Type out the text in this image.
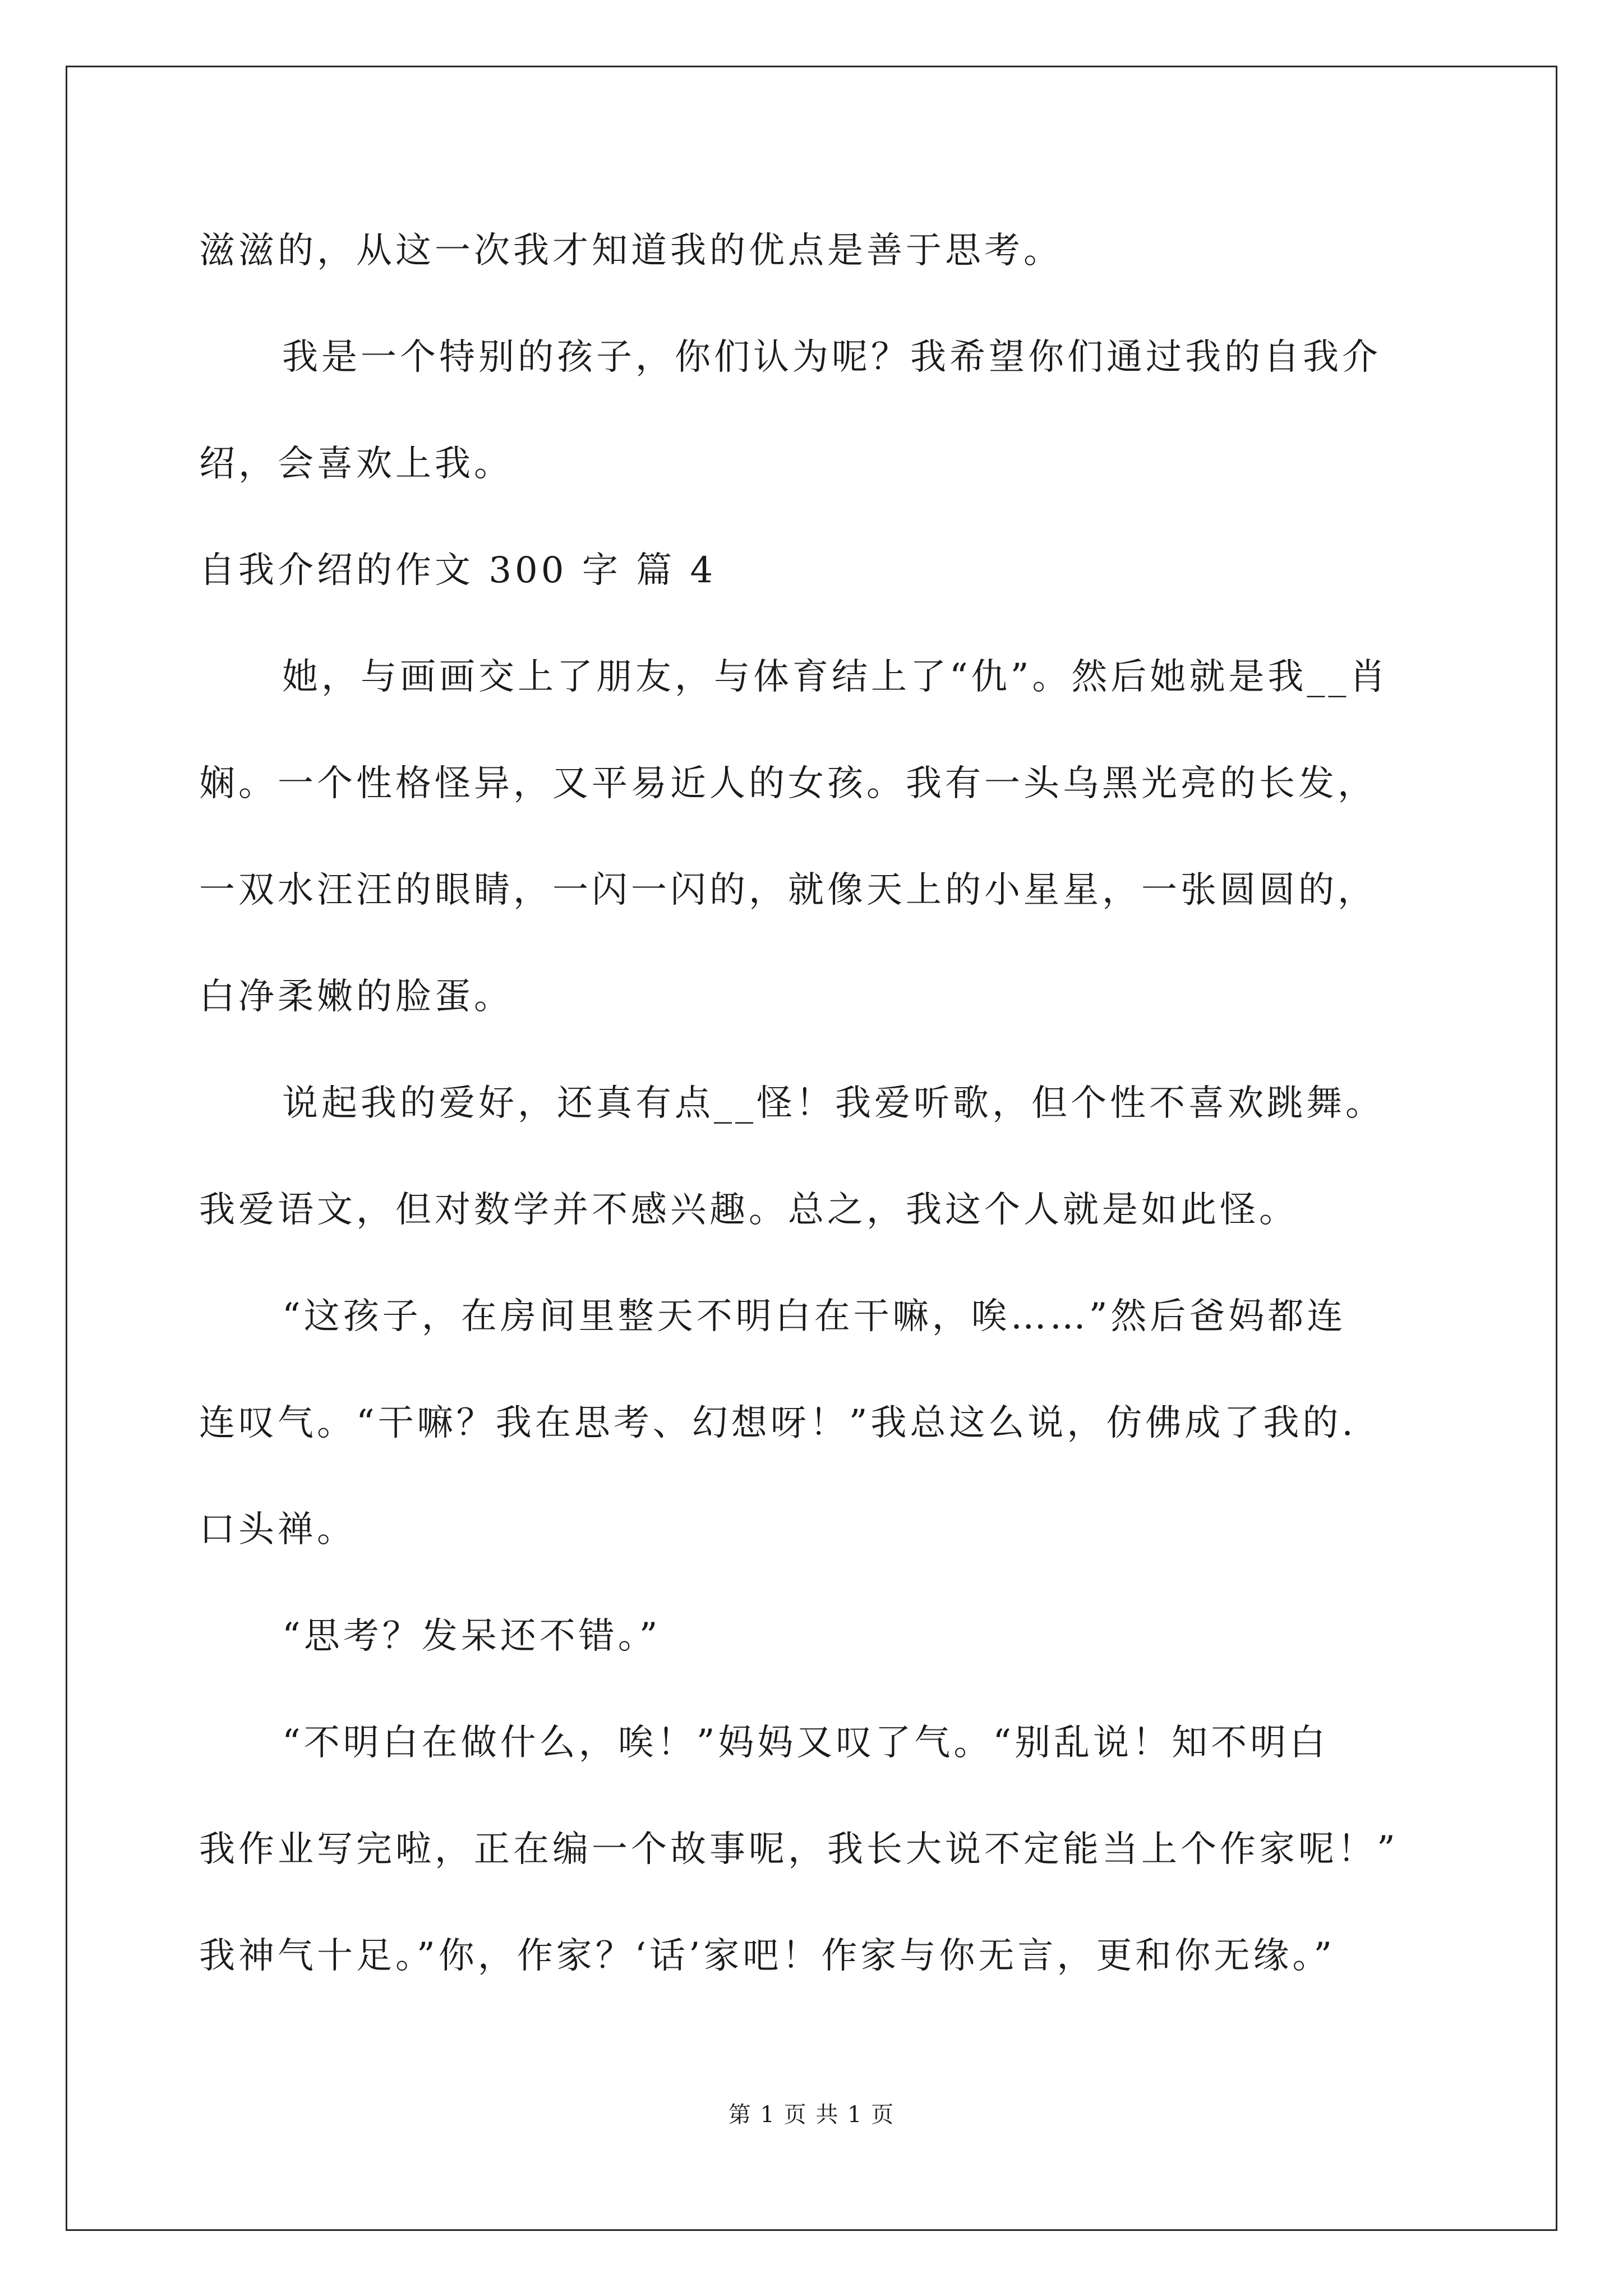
滋滋的，从这一次我才知道我的优点是善于思考。
我是一个特别的孩子，你们认为呢？我希望你们通过我的自我介
绍，会喜欢上我。
自我介绍的作文 300 字 篇 4
她，与画画交上了朋友，与体育结上了“仇”。然后她就是我__肖
娴。一个性格怪异，又平易近人的女孩。我有一头乌黑光亮的长发，
一双水汪汪的眼睛，一闪一闪的，就像天上的小星星，一张圆圆的，
白净柔嫩的脸蛋。
说起我的爱好，还真有点__怪！我爱听歌，但个性不喜欢跳舞。
我爱语文，但对数学并不感兴趣。总之，我这个人就是如此怪。
“这孩子，在房间里整天不明白在干嘛，唉……”然后爸妈都连
连叹气。“干嘛？我在思考、幻想呀！”我总这么说，仿佛成了我的.
口头禅。
“思考？发呆还不错。”
“不明白在做什么，唉！”妈妈又叹了气。“别乱说！知不明白
我作业写完啦，正在编一个故事呢，我长大说不定能当上个作家呢！”
我神气十足。”你，作家？‘话’家吧！作家与你无言，更和你无缘。”
第 1 页 共 1 页
